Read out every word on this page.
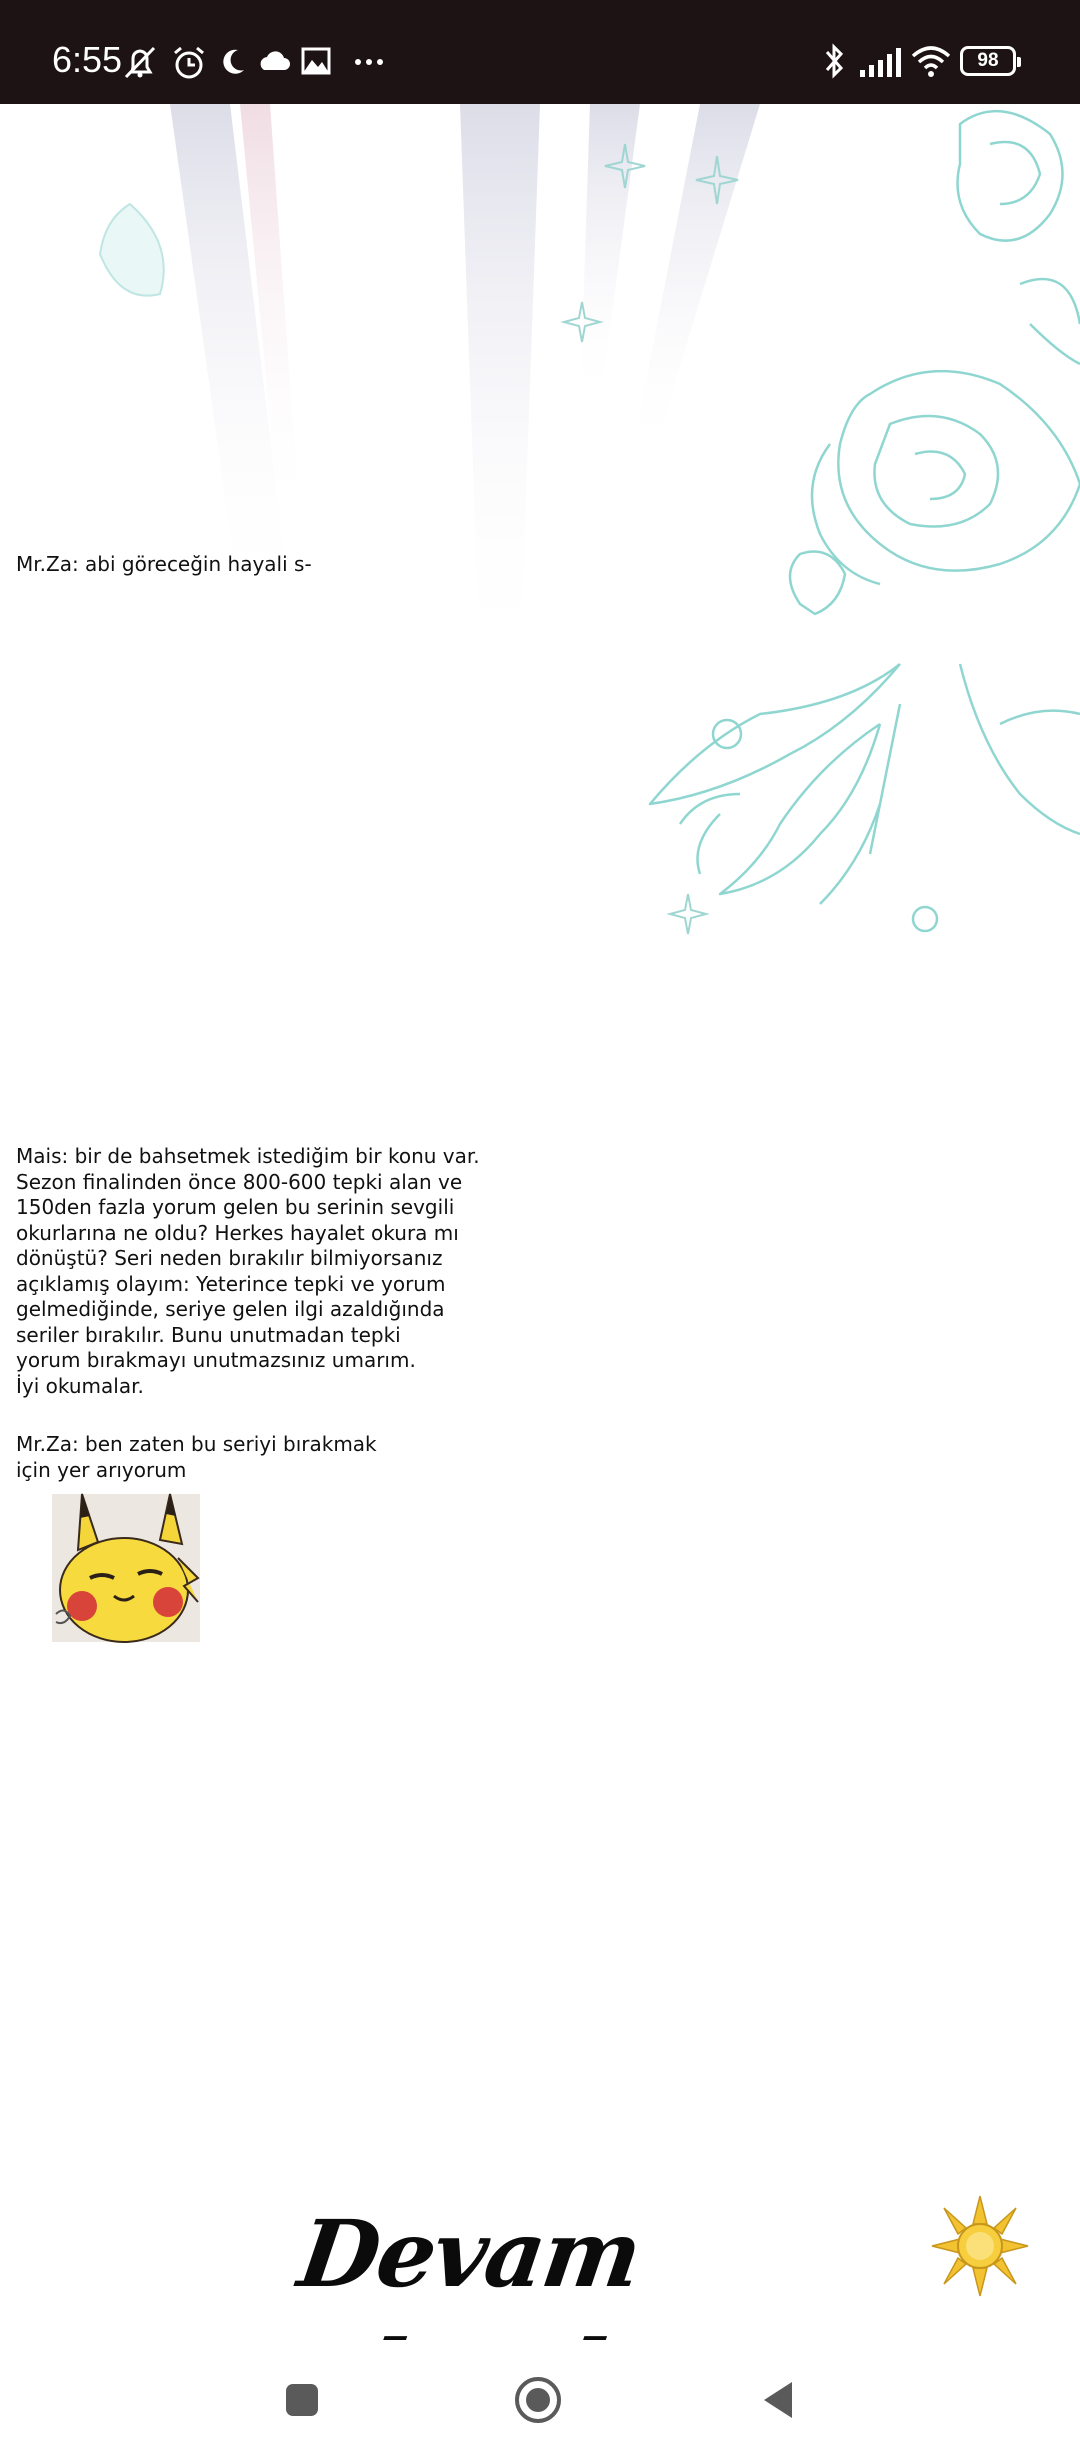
6:55	98
Mr.Za: abi göreceğin hayali s-
Mais: bir de bahsetmek istediğim bir konu var.
Sezon finalinden önce 800-600 tepki alan ve
150den fazla yorum gelen bu serinin sevgili
okurlarına ne oldu? Herkes hayalet okura mı
dönüştü? Seri neden bırakılır bilmiyorsanız
açıklamış olayım: Yeterince tepki ve yorum
gelmediğinde, seriye gelen ilgi azaldığında
seriler bırakılır. Bunu unutmadan tepki
yorum bırakmayı unutmazsınız umarım.
İyi okumalar.
Mr.Za: ben zaten bu seriyi bırakmak
için yer arıyorum
Devam
